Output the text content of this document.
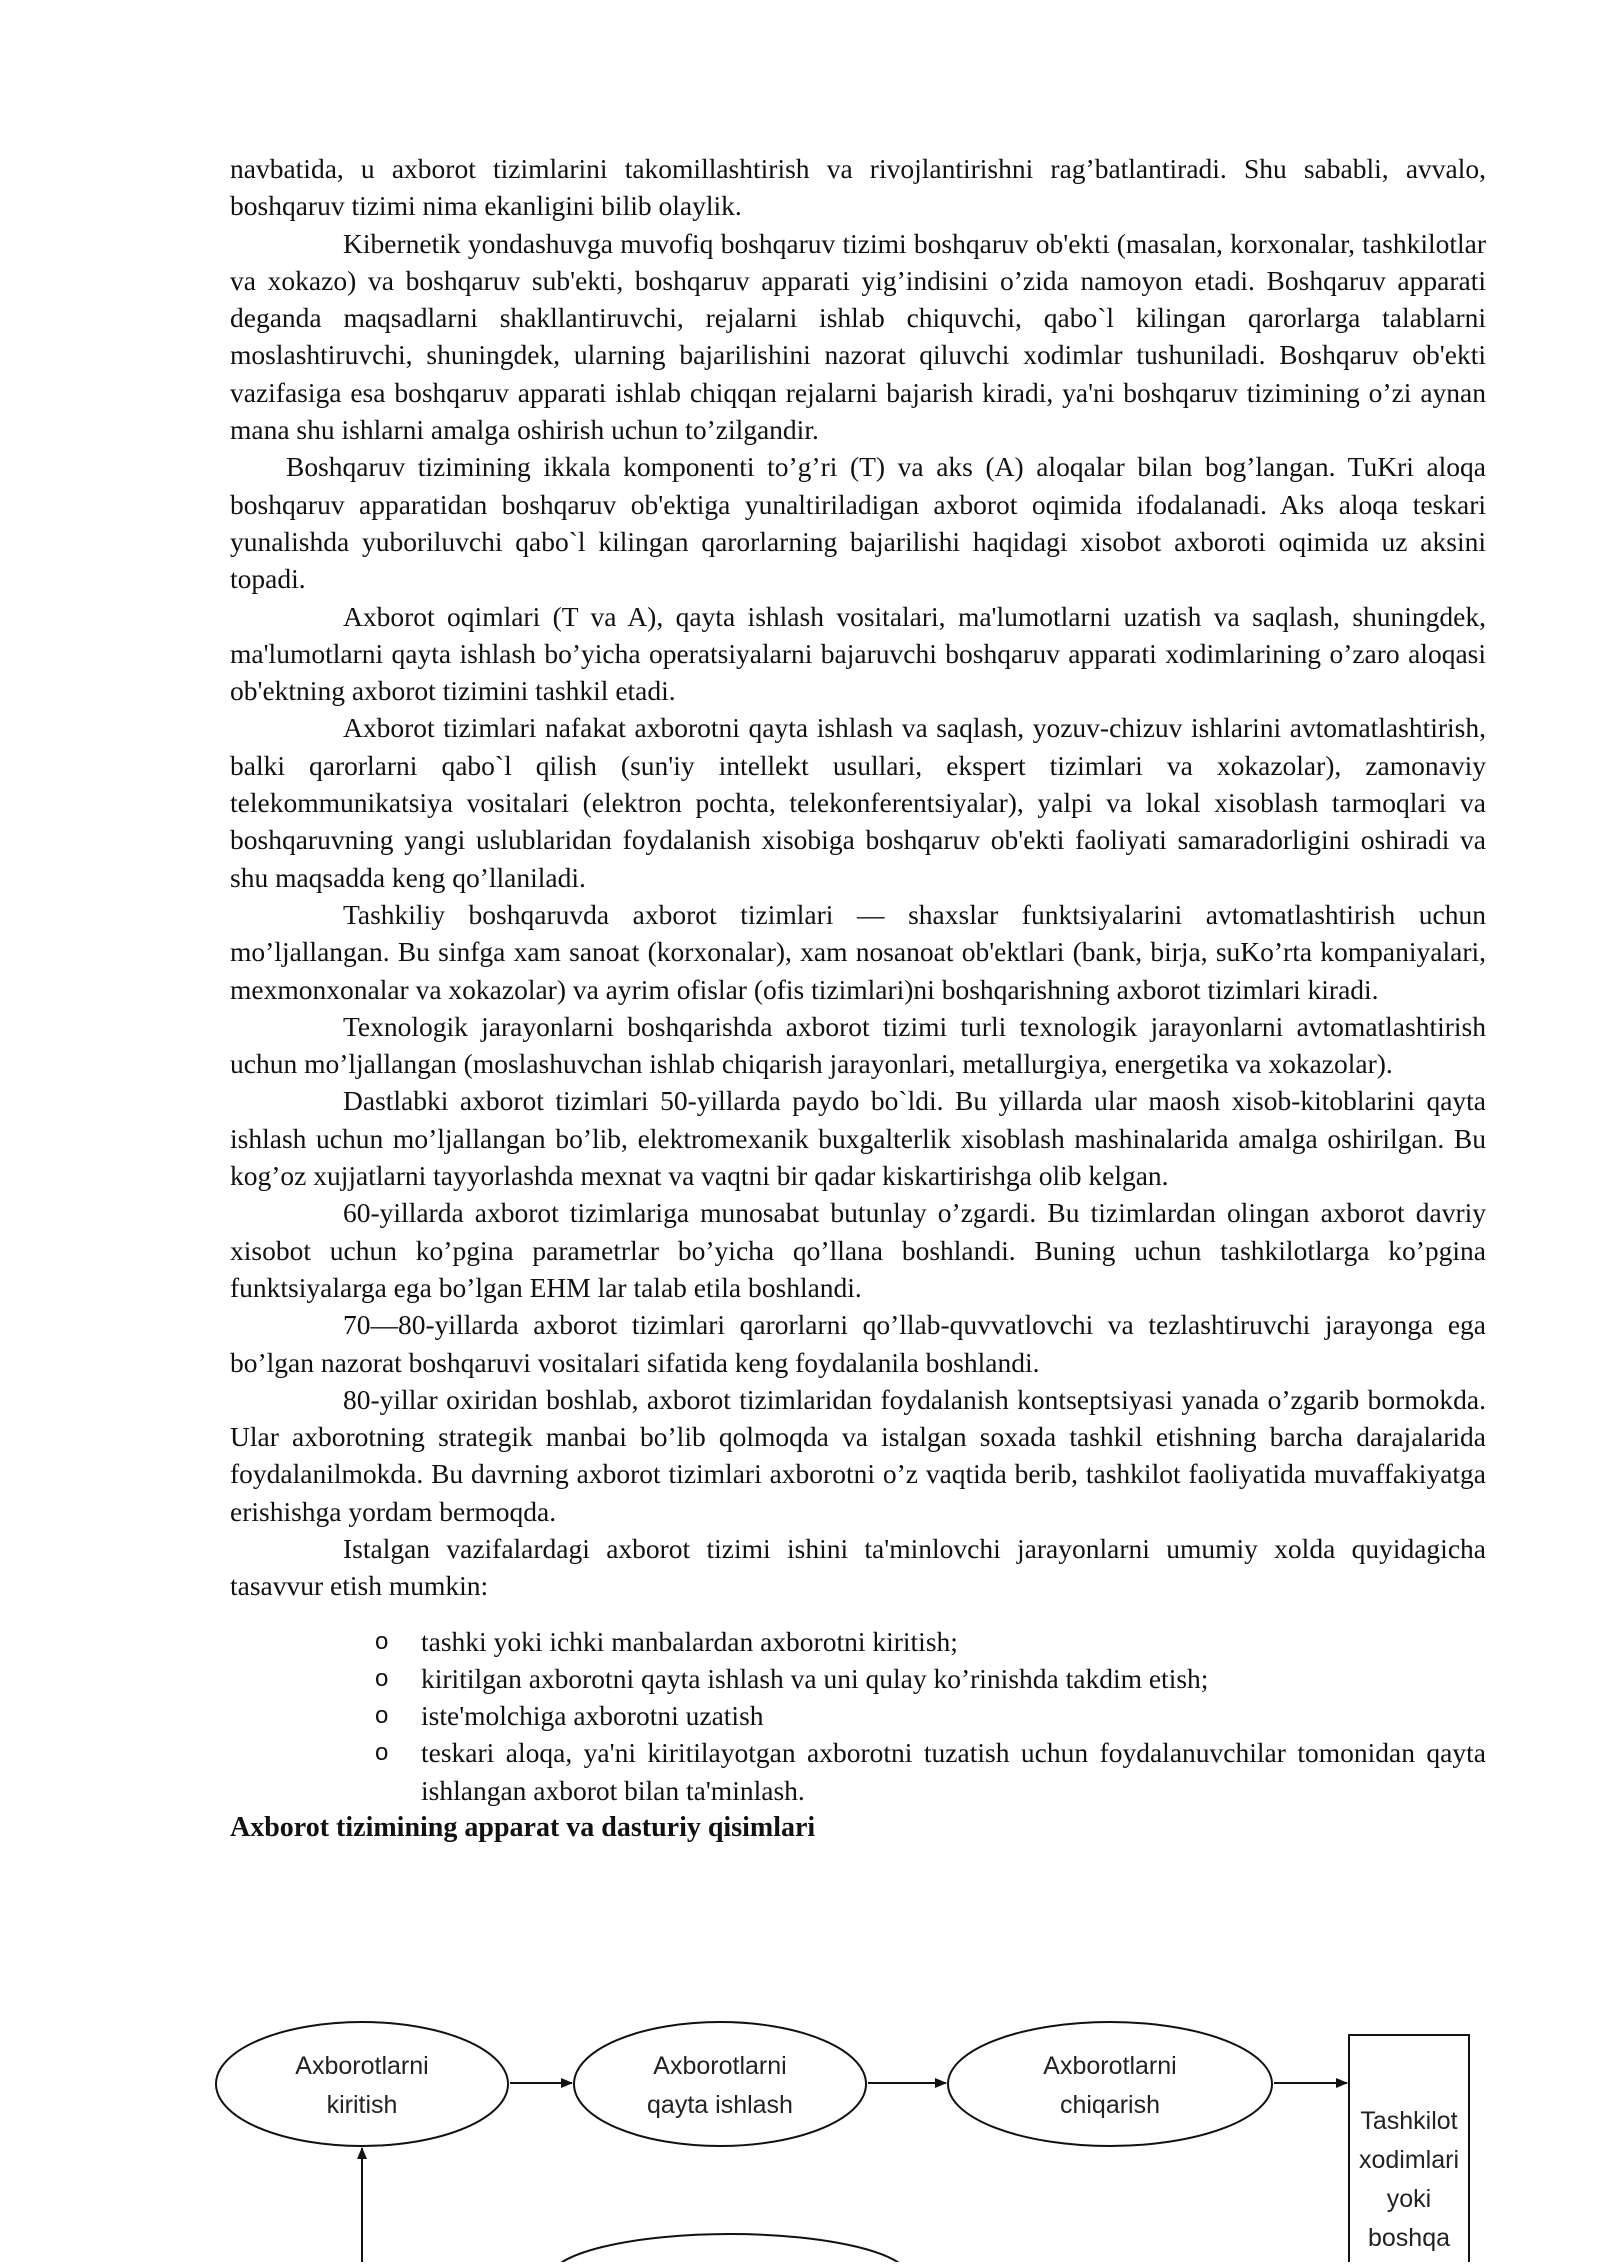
navbatida, u axborot tizimlarini takomillashtirish va rivojlantirishni rag’batlantiradi. Shu sababli, avvalo, boshqaruv tizimi nima ekanligini bilib olaylik.

Kibernetik yondashuvga muvofiq boshqaruv tizimi boshqaruv ob'ekti (masalan, korxonalar, tashkilotlar va xokazo) va boshqaruv sub'ekti, boshqaruv apparati yig’indisini o’zida namoyon etadi. Boshqaruv apparati deganda maqsadlarni shakllantiruvchi, rejalarni ishlab chiquvchi, qabo`l kilingan qarorlarga talablarni moslashtiruvchi, shuningdek, ularning bajarilishini nazorat qiluvchi xodimlar tushuniladi. Boshqaruv ob'ekti vazifasiga esa boshqaruv apparati ishlab chiqqan rejalarni bajarish kiradi, ya'ni boshqaruv tizimining o’zi aynan mana shu ishlarni amalga oshirish uchun to’zilgandir.

Boshqaruv tizimining ikkala komponenti to’g’ri (T) va aks (A) aloqalar bilan bog’langan. TuKri aloqa boshqaruv apparatidan boshqaruv ob'ektiga yunaltiriladigan axborot oqimida ifodalanadi. Aks aloqa teskari yunalishda yuboriluvchi qabo`l kilingan qarorlarning bajarilishi haqidagi xisobot axboroti oqimida uz aksini topadi.

Axborot oqimlari (T va A), qayta ishlash vositalari, ma'lumotlarni uzatish va saqlash, shuningdek, ma'lumotlarni qayta ishlash bo’yicha operatsiyalarni bajaruvchi boshqaruv apparati xodimlarining o’zaro aloqasi ob'ektning axborot tizimini tashkil etadi.

Axborot tizimlari nafakat axborotni qayta ishlash va saqlash, yozuv-chizuv ishlarini avtomatlashtirish, balki qarorlarni qabo`l qilish (sun'iy intellekt usullari, ekspert tizimlari va xokazolar), zamonaviy telekommunikatsiya vositalari (elektron pochta, telekonferentsiyalar), yalpi va lokal xisoblash tarmoqlari va boshqaruvning yangi uslublaridan foydalanish xisobiga boshqaruv ob'ekti faoliyati samaradorligini oshiradi va shu maqsadda keng qo’llaniladi.

Tashkiliy boshqaruvda axborot tizimlari — shaxslar funktsiyalarini avtomatlashtirish uchun mo’ljallangan. Bu sinfga xam sanoat (korxonalar), xam nosanoat ob'ektlari (bank, birja, suKo’rta kompaniyalari, mexmonxonalar va xokazolar) va ayrim ofislar (ofis tizimlari)ni boshqarishning axborot tizimlari kiradi.

Texnologik jarayonlarni boshqarishda axborot tizimi turli texnologik jarayonlarni avtomatlashtirish uchun mo’ljallangan (moslashuvchan ishlab chiqarish jarayonlari, metallurgiya, energetika va xokazolar).

Dastlabki axborot tizimlari 50-yillarda paydo bo`ldi. Bu yillarda ular maosh xisob-kitoblarini qayta ishlash uchun mo’ljallangan bo’lib, elektromexanik buxgalterlik xisoblash mashinalarida amalga oshirilgan. Bu kog’oz xujjatlarni tayyorlashda mexnat va vaqtni bir qadar kiskartirishga olib kelgan.

60-yillarda axborot tizimlariga munosabat butunlay o’zgardi. Bu tizimlardan olingan axborot davriy xisobot uchun ko’pgina parametrlar bo’yicha qo’llana boshlandi. Buning uchun tashkilotlarga ko’pgina funktsiyalarga ega bo’lgan EHM lar talab etila boshlandi.

70—80-yillarda axborot tizimlari qarorlarni qo’llab-quvvatlovchi va tezlashtiruvchi jarayonga ega bo’lgan nazorat boshqaruvi vositalari sifatida keng foydalanila boshlandi.

80-yillar oxiridan boshlab, axborot tizimlaridan foydalanish kontseptsiyasi yanada o’zgarib bormokda. Ular axborotning strategik manbai bo’lib qolmoqda va istalgan soxada tashkil etishning barcha darajalarida foydalanilmokda. Bu davrning axborot tizimlari axborotni o’z vaqtida berib, tashkilot faoliyatida muvaffakiyatga erishishga yordam bermoqda.

Istalgan vazifalardagi axborot tizimi ishini ta'minlovchi jarayonlarni umumiy xolda quyidagicha tasavvur etish mumkin:

o tashki yoki ichki manbalardan axborotni kiritish;
o kiritilgan axborotni qayta ishlash va uni qulay ko’rinishda takdim etish;
o iste'molchiga axborotni uzatish
o teskari aloqa, ya'ni kiritilayotgan axborotni tuzatish uchun foydalanuvchilar tomonidan qayta ishlangan axborot bilan ta'minlash.

Axborot tizimining apparat va dasturiy qisimlari

Axborotlarni
kiritish
Axborotlarni
qayta ishlash
Axborotlarni
chiqarish
Tashkilot
xodimlari
yoki
boshqa
